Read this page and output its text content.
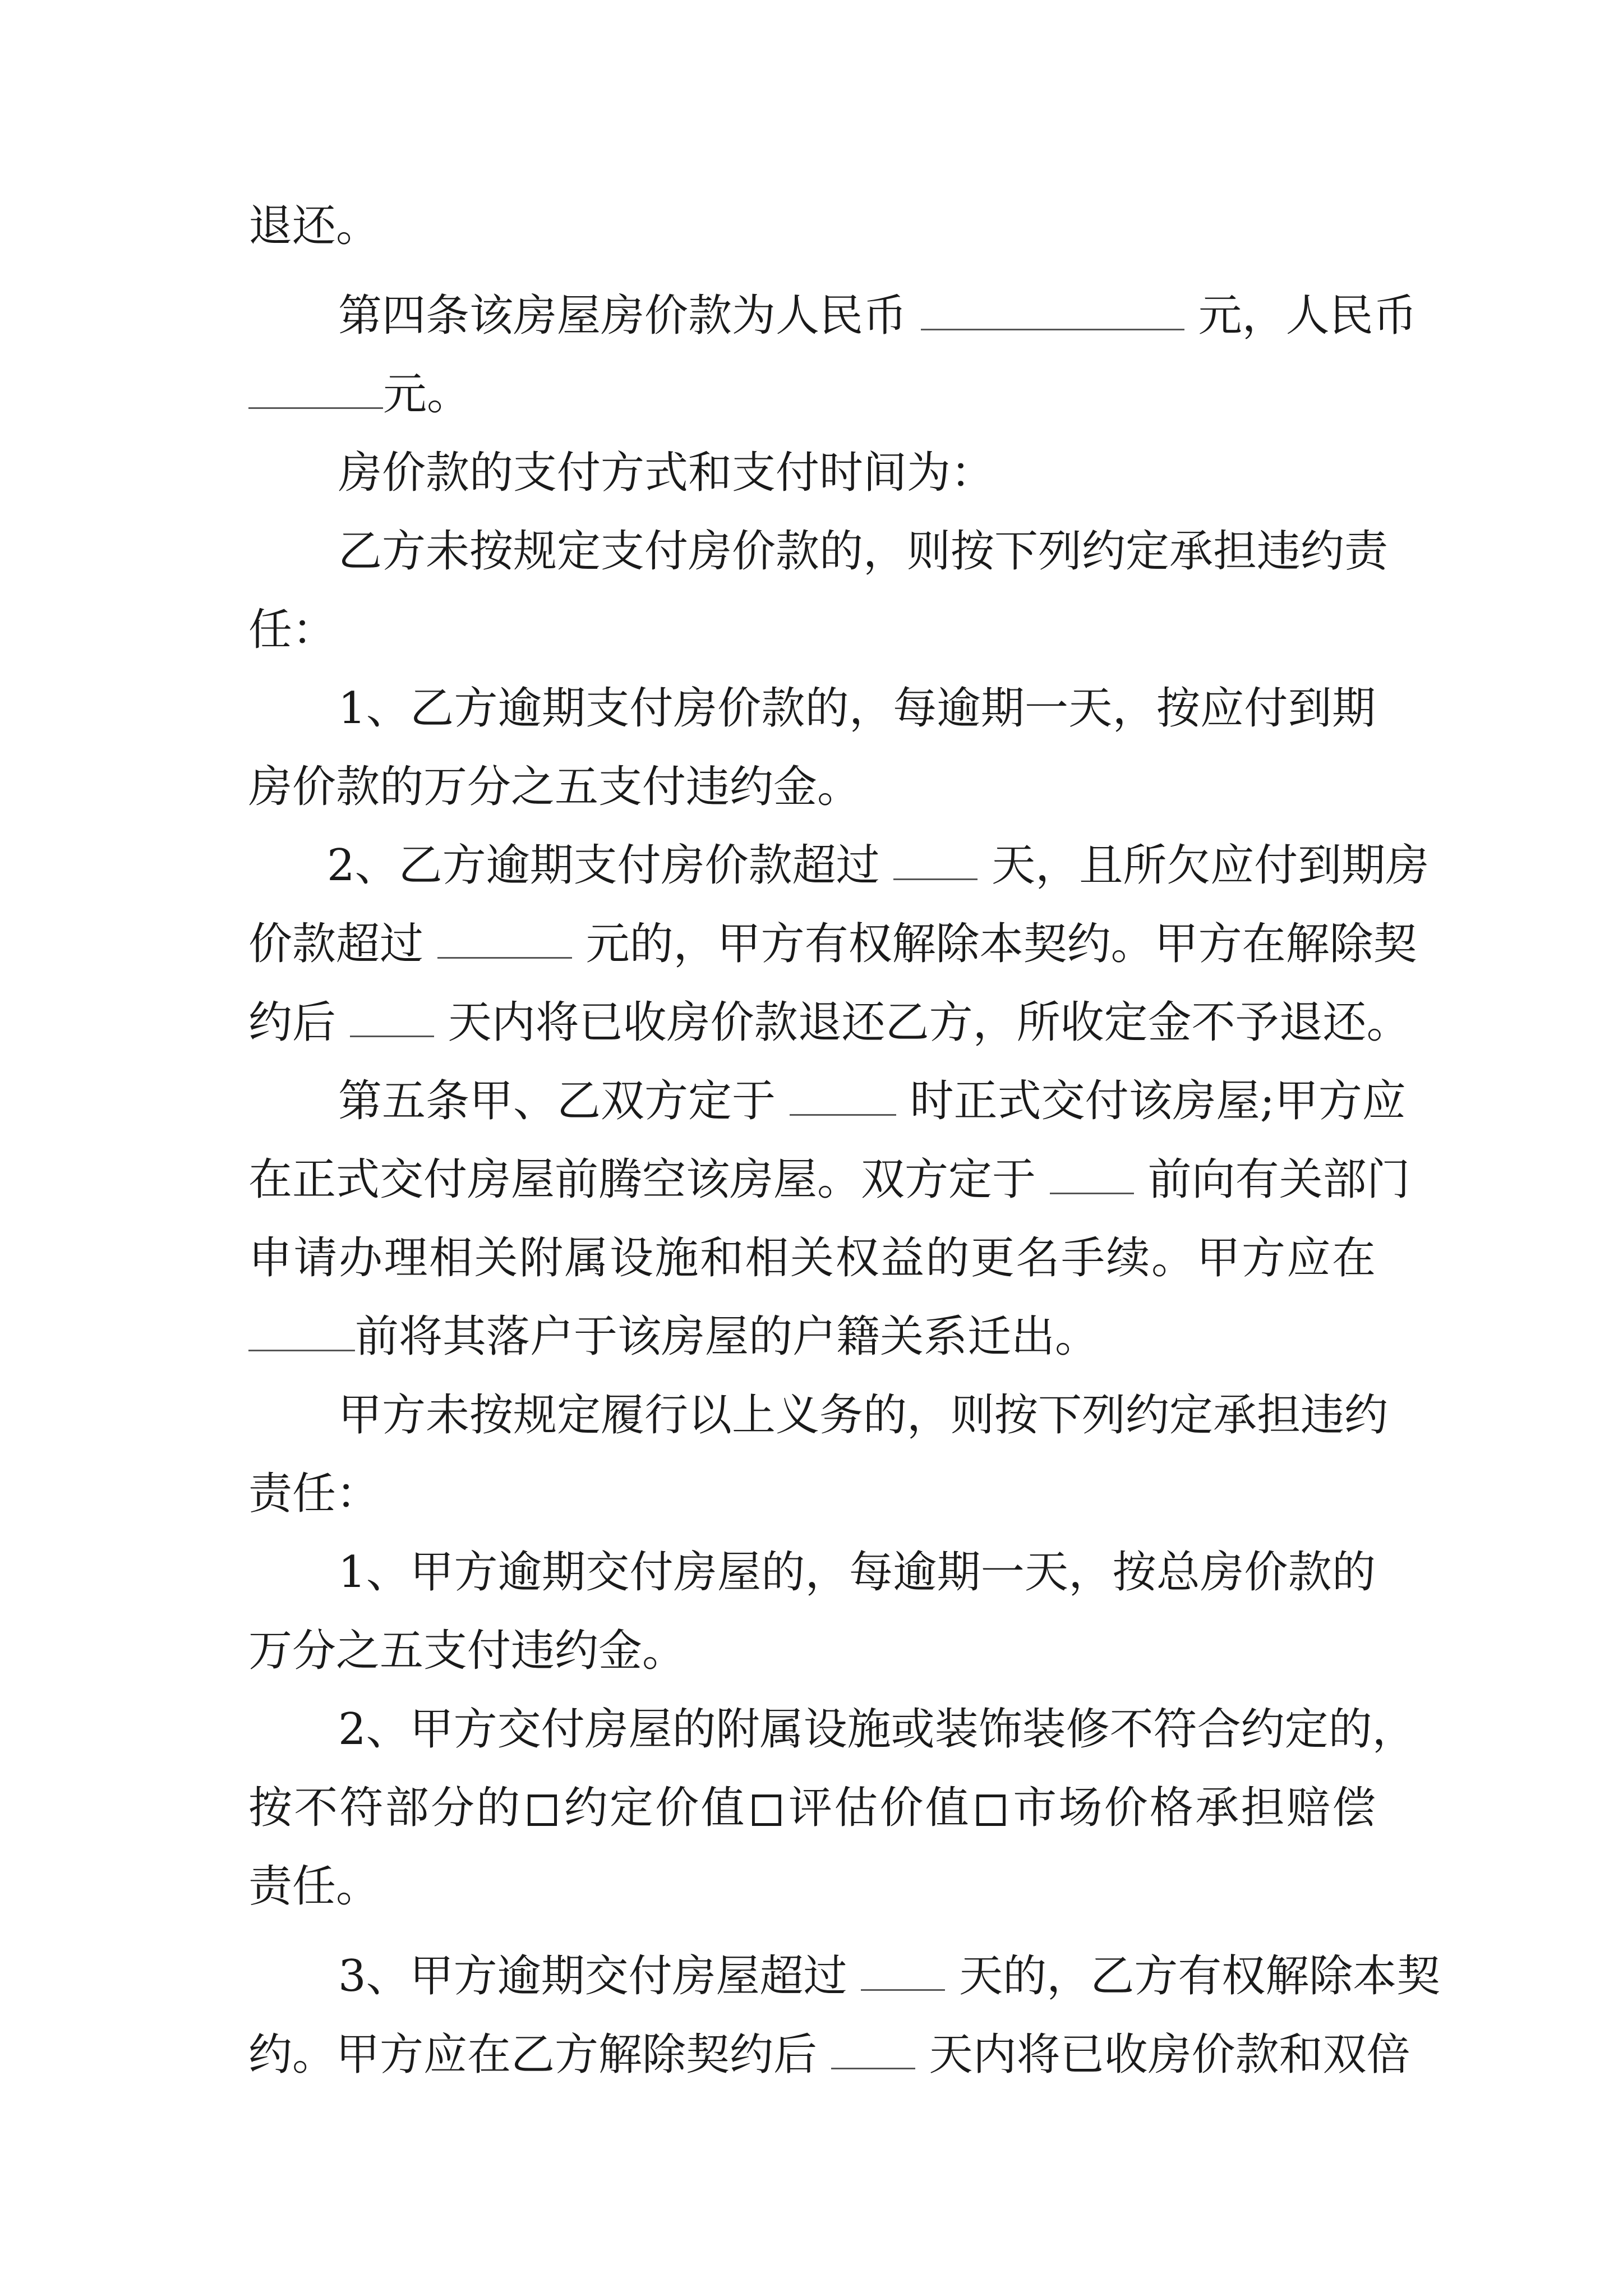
退还。
第四条该房屋房价款为人民币	元，人民币
元。
房价款的支付方式和支付时间为：
乙方未按规定支付房价款的，则按下列约定承担违约责
任：
1、乙方逾期支付房价款的，每逾期一天，按应付到期
房价款的万分之五支付违约金。
2、乙方逾期支付房价款超过	天，且所欠应付到期房
价款超过	元的，甲方有权解除本契约。甲方在解除契
约后	天内将已收房价款退还乙方，所收定金不予退还。
第五条甲、乙双方定于	时正式交付该房屋;甲方应
在正式交付房屋前腾空该房屋。双方定于	前向有关部门
申请办理相关附属设施和相关权益的更名手续。甲方应在
前将其落户于该房屋的户籍关系迁出。
甲方未按规定履行以上义务的，则按下列约定承担违约
责任：
1、甲方逾期交付房屋的，每逾期一天，按总房价款的
万分之五支付违约金。
2、甲方交付房屋的附属设施或装饰装修不符合约定的，
按不符部分的 约定价值 评估价值 市场价格承担赔偿
责任。
3、甲方逾期交付房屋超过	天的，乙方有权解除本契
约。甲方应在乙方解除契约后	天内将已收房价款和双倍
